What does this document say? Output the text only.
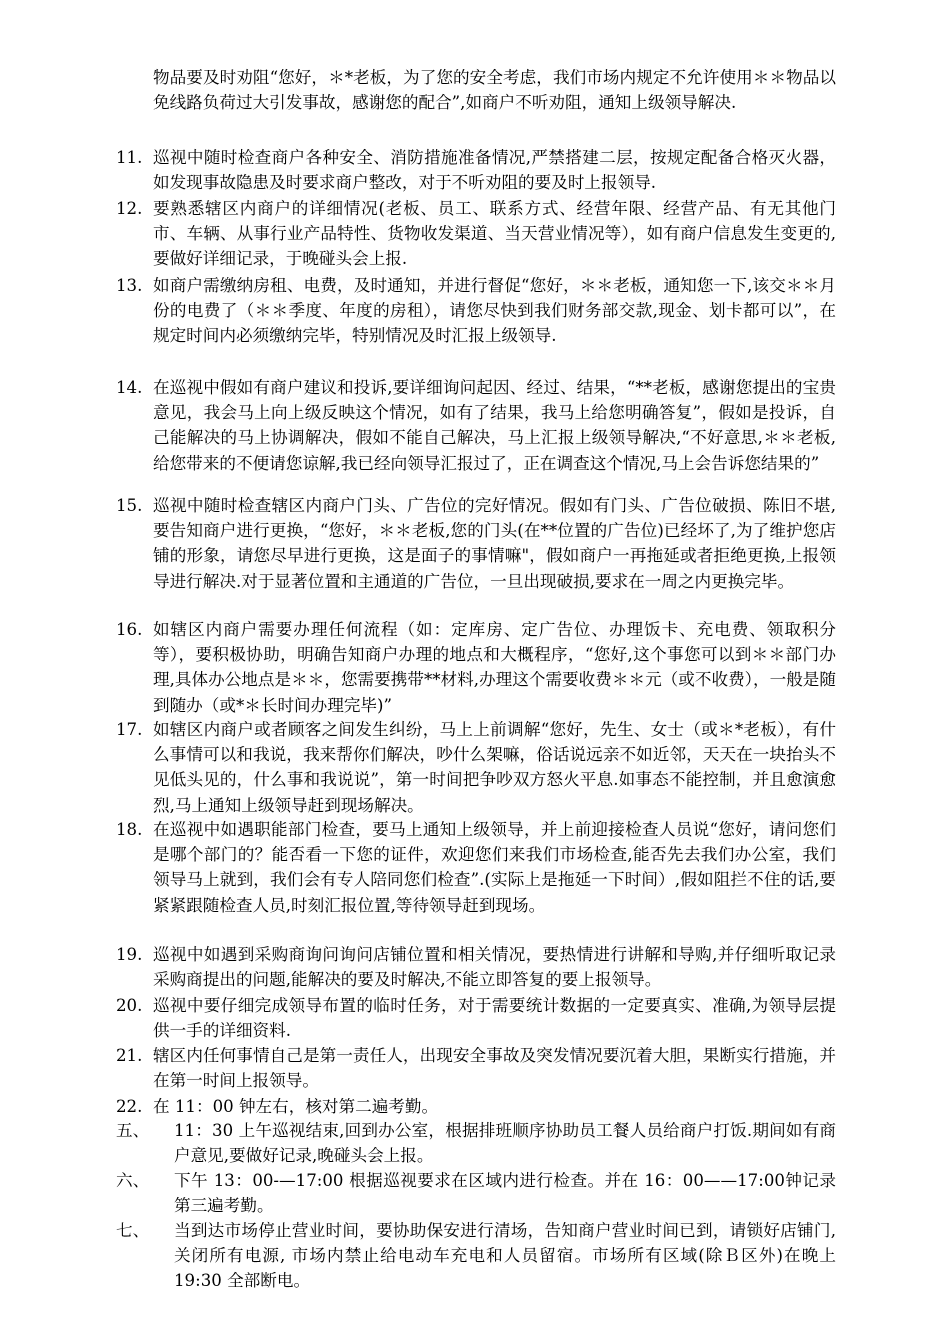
物品要及时劝阻“您好，＊*老板，为了您的安全考虑，我们市场内规定不允许使用＊＊物品以免线路负荷过大引发事故，感谢您的配合”,如商户不听劝阻，通知上级领导解决.
11. 巡视中随时检查商户各种安全、消防措施准备情况,严禁搭建二层，按规定配备合格灭火器，如发现事故隐患及时要求商户整改，对于不听劝阻的要及时上报领导.
12. 要熟悉辖区内商户的详细情况(老板、员工、联系方式、经营年限、经营产品、有无其他门市、车辆、从事行业产品特性、货物收发渠道、当天营业情况等），如有商户信息发生变更的,要做好详细记录，于晚碰头会上报.
13. 如商户需缴纳房租、电费，及时通知，并进行督促“您好，＊＊老板，通知您一下,该交＊＊月份的电费了（＊＊季度、年度的房租），请您尽快到我们财务部交款,现金、划卡都可以”，在规定时间内必须缴纳完毕，特别情况及时汇报上级领导.
14. 在巡视中假如有商户建议和投诉,要详细询问起因、经过、结果，“**老板，感谢您提出的宝贵意见，我会马上向上级反映这个情况，如有了结果，我马上给您明确答复”，假如是投诉，自己能解决的马上协调解决，假如不能自己解决，马上汇报上级领导解决,“不好意思,＊＊老板,给您带来的不便请您谅解,我已经向领导汇报过了，正在调查这个情况,马上会告诉您结果的”
15. 巡视中随时检查辖区内商户门头、广告位的完好情况。假如有门头、广告位破损、陈旧不堪,要告知商户进行更换，“您好，＊＊老板,您的门头(在**位置的广告位)已经坏了,为了维护您店铺的形象，请您尽早进行更换，这是面子的事情嘛"，假如商户一再拖延或者拒绝更换,上报领导进行解决.对于显著位置和主通道的广告位，一旦出现破损,要求在一周之内更换完毕。
16. 如辖区内商户需要办理任何流程（如：定库房、定广告位、办理饭卡、充电费、领取积分等），要积极协助，明确告知商户办理的地点和大概程序，“您好,这个事您可以到＊＊部门办理,具体办公地点是＊＊，您需要携带**材料,办理这个需要收费＊＊元（或不收费），一般是随到随办（或*＊长时间办理完毕)”
17. 如辖区内商户或者顾客之间发生纠纷，马上上前调解“您好，先生、女士（或＊*老板），有什么事情可以和我说，我来帮你们解决，吵什么架嘛，俗话说远亲不如近邻，天天在一块抬头不见低头见的，什么事和我说说”，第一时间把争吵双方怒火平息.如事态不能控制，并且愈演愈烈,马上通知上级领导赶到现场解决。
18. 在巡视中如遇职能部门检查，要马上通知上级领导，并上前迎接检查人员说“您好，请问您们是哪个部门的？能否看一下您的证件，欢迎您们来我们市场检查,能否先去我们办公室，我们领导马上就到，我们会有专人陪同您们检查”.(实际上是拖延一下时间）,假如阻拦不住的话,要紧紧跟随检查人员,时刻汇报位置,等待领导赶到现场。
19. 巡视中如遇到采购商询问询问店铺位置和相关情况，要热情进行讲解和导购,并仔细听取记录采购商提出的问题,能解决的要及时解决,不能立即答复的要上报领导。
20. 巡视中要仔细完成领导布置的临时任务，对于需要统计数据的一定要真实、准确,为领导层提供一手的详细资料.
21. 辖区内任何事情自己是第一责任人，出现安全事故及突发情况要沉着大胆，果断实行措施，并在第一时间上报领导。
22. 在 11：00 钟左右，核对第二遍考勤。
五、	11：30 上午巡视结束,回到办公室，根据排班顺序协助员工餐人员给商户打饭.期间如有商户意见,要做好记录,晚碰头会上报。
六、	下午 13：00-—17:00 根据巡视要求在区域内进行检查。并在 16：00——17:00钟记录第三遍考勤。
七、	当到达市场停止营业时间，要协助保安进行清场，告知商户营业时间已到，请锁好店铺门,关闭所有电源, 市场内禁止给电动车充电和人员留宿。市场所有区域(除Ｂ区外)在晚上 19:30 全部断电。
